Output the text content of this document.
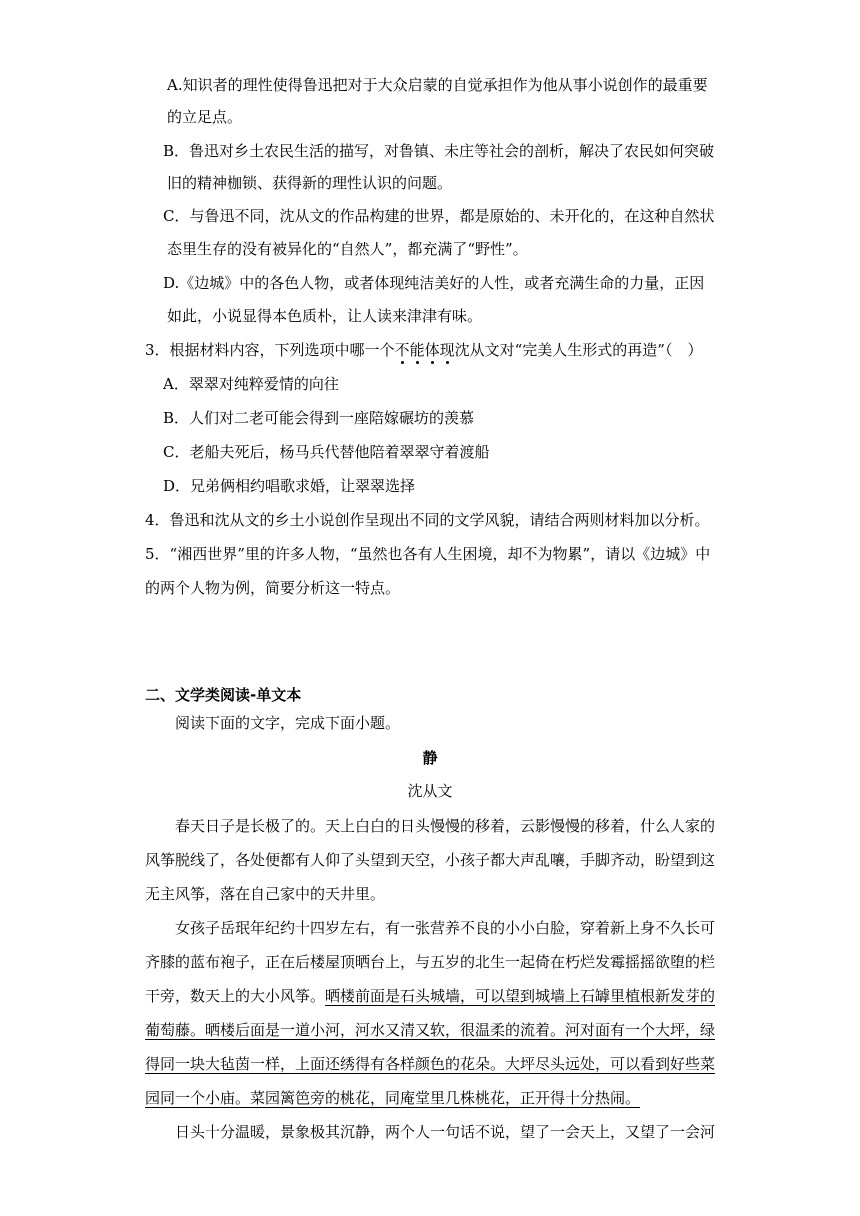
A.知识者的理性使得鲁迅把对于大众启蒙的自觉承担作为他从事小说创作的最重要
的立足点。
B．鲁迅对乡土农民生活的描写，对鲁镇、未庄等社会的剖析，解决了农民如何突破
旧的精神枷锁、获得新的理性认识的问题。
C．与鲁迅不同，沈从文的作品构建的世界，都是原始的、未开化的，在这种自然状
态里生存的没有被异化的“自然人”，都充满了“野性”。
D.《边城》中的各色人物，或者体现纯洁美好的人性，或者充满生命的力量，正因
如此，小说显得本色质朴，让人读来津津有味。
3．根据材料内容，下列选项中哪一个不能体现沈从文对“完美人生形式的再造”（　）
A．翠翠对纯粹爱情的向往
B．人们对二老可能会得到一座陪嫁碾坊的羡慕
C．老船夫死后，杨马兵代替他陪着翠翠守着渡船
D．兄弟俩相约唱歌求婚，让翠翠选择
4．鲁迅和沈从文的乡土小说创作呈现出不同的文学风貌，请结合两则材料加以分析。
5．“湘西世界”里的许多人物，“虽然也各有人生困境，却不为物累”，请以《边城》中
的两个人物为例，简要分析这一特点。
二、文学类阅读-单文本
阅读下面的文字，完成下面小题。
静
沈从文
春天日子是长极了的。天上白白的日头慢慢的移着，云影慢慢的移着，什么人家的
风筝脱线了，各处便都有人仰了头望到天空，小孩子都大声乱嚷，手脚齐动，盼望到这
无主风筝，落在自己家中的天井里。
女孩子岳珉年纪约十四岁左右，有一张营养不良的小小白脸，穿着新上身不久长可
齐膝的蓝布袍子，正在后楼屋顶晒台上，与五岁的北生一起倚在朽烂发霉摇摇欲堕的栏
干旁，数天上的大小风筝。晒楼前面是石头城墙，可以望到城墙上石罅里植根新发芽的
葡萄藤。晒楼后面是一道小河，河水又清又软，很温柔的流着。河对面有一个大坪，绿
得同一块大毡茵一样，上面还绣得有各样颜色的花朵。大坪尽头远处，可以看到好些菜
园同一个小庙。菜园篱笆旁的桃花，同庵堂里几株桃花，正开得十分热闹。
日头十分温暖，景象极其沉静，两个人一句话不说，望了一会天上，又望了一会河
